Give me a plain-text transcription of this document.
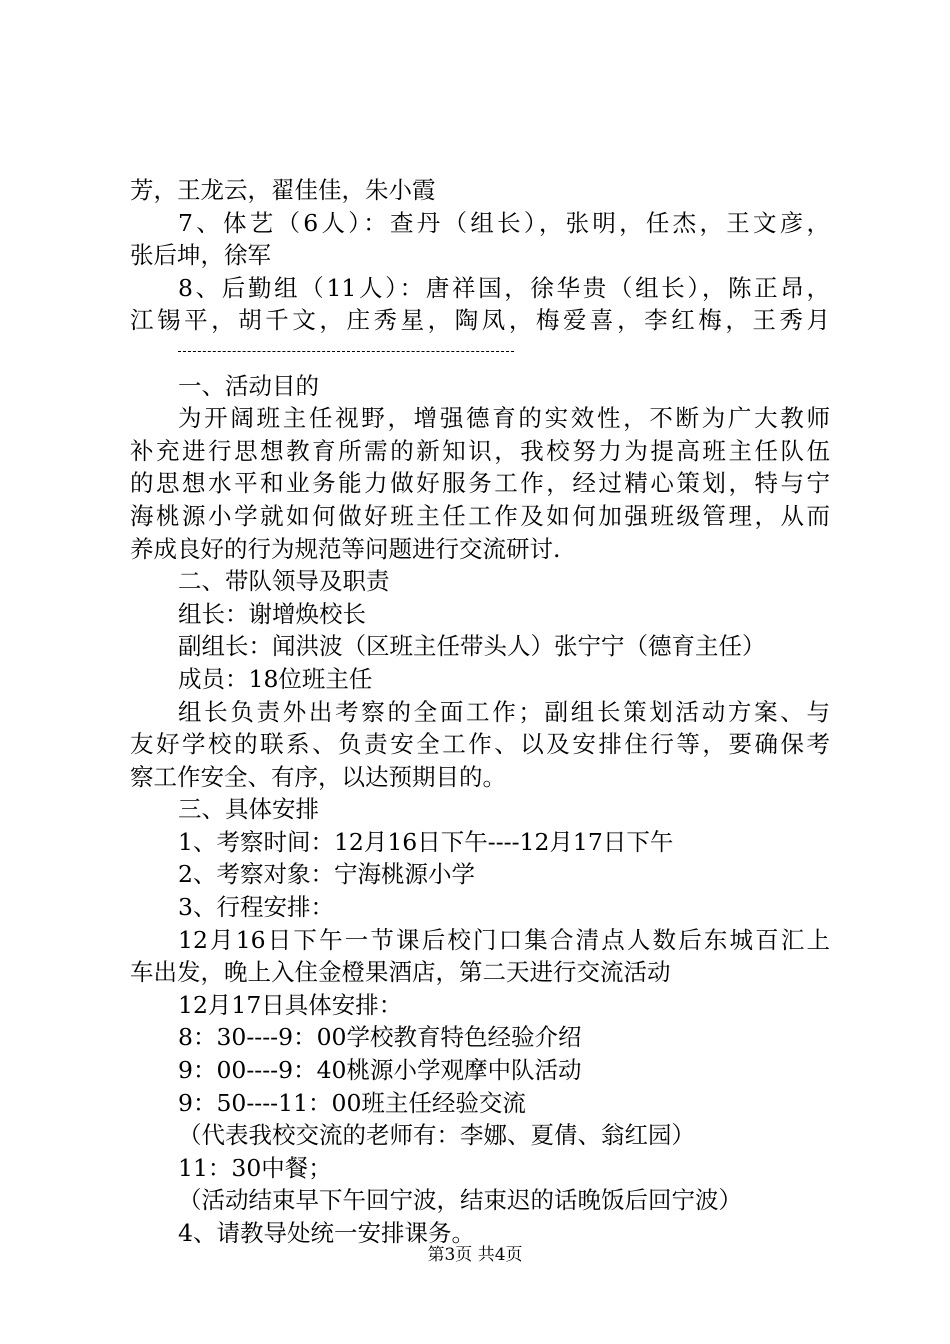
芳，王龙云，翟佳佳，朱小霞
7、体艺（6人）：查丹（组长），张明，任杰，王文彦，
张后坤，徐军
8、后勤组（11人）：唐祥国，徐华贵（组长），陈正昂，
江锡平，胡千文，庄秀星，陶凤，梅爱喜，李红梅，王秀月
一、活动目的
为开阔班主任视野，增强德育的实效性，不断为广大教师
补充进行思想教育所需的新知识，我校努力为提高班主任队伍
的思想水平和业务能力做好服务工作，经过精心策划，特与宁
海桃源小学就如何做好班主任工作及如何加强班级管理，从而
养成良好的行为规范等问题进行交流研讨.
二、带队领导及职责
组长：谢增焕校长
副组长：闻洪波（区班主任带头人）张宁宁（德育主任）
成员：18位班主任
组长负责外出考察的全面工作；副组长策划活动方案、与
友好学校的联系、负责安全工作、以及安排住行等，要确保考
察工作安全、有序，以达预期目的。
三、具体安排
1、考察时间：12月16日下午----12月17日下午
2、考察对象：宁海桃源小学
3、行程安排：
12月16日下午一节课后校门口集合清点人数后东城百汇上
车出发，晚上入住金橙果酒店，第二天进行交流活动
12月17日具体安排：
8：30----9：00学校教育特色经验介绍
9：00----9：40桃源小学观摩中队活动
9：50----11：00班主任经验交流
（代表我校交流的老师有：李娜、夏倩、翁红园）
11：30中餐；
（活动结束早下午回宁波，结束迟的话晚饭后回宁波）
4、请教导处统一安排课务。
第3页 共4页
